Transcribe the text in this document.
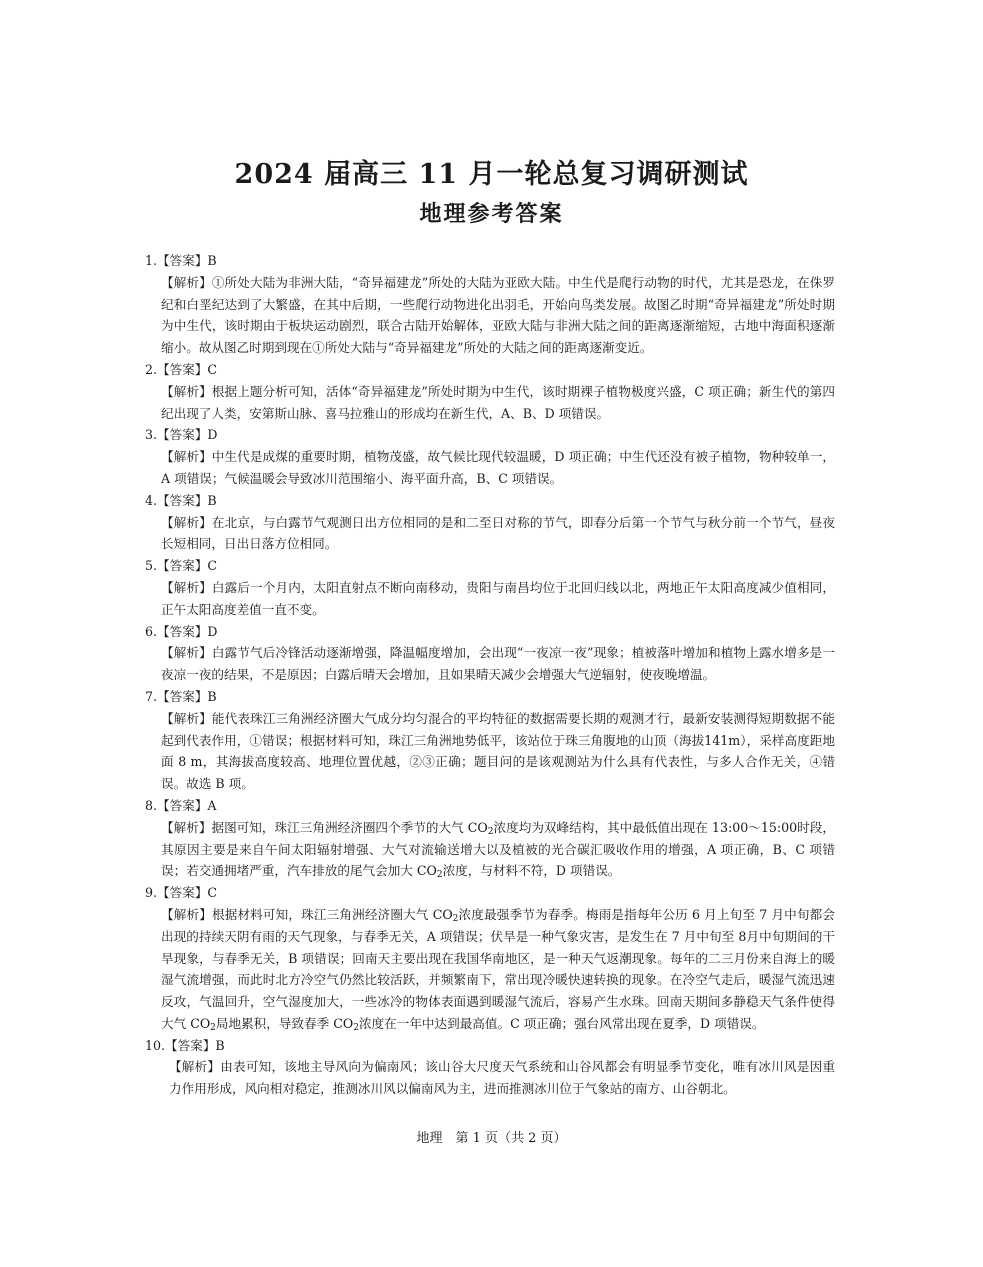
2024 届高三 11 月一轮总复习调研测试
地理参考答案
1.【答案】B
【解析】①所处大陆为非洲大陆，“奇异福建龙”所处的大陆为亚欧大陆。中生代是爬行动物的时代，尤其是恐龙，在侏罗纪和白垩纪达到了大繁盛，在其中后期，一些爬行动物进化出羽毛，开始向鸟类发展。故图乙时期“奇异福建龙”所处时期为中生代，该时期由于板块运动剧烈，联合古陆开始解体，亚欧大陆与非洲大陆之间的距离逐渐缩短，古地中海面积逐渐缩小。故从图乙时期到现在①所处大陆与“奇异福建龙”所处的大陆之间的距离逐渐变近。
2.【答案】C
【解析】根据上题分析可知，活体“奇异福建龙”所处时期为中生代，该时期裸子植物极度兴盛，C 项正确；新生代的第四纪出现了人类，安第斯山脉、喜马拉雅山的形成均在新生代，A、B、D 项错误。
3.【答案】D
【解析】中生代是成煤的重要时期，植物茂盛，故气候比现代较温暖，D 项正确；中生代还没有被子植物，物种较单一，A 项错误；气候温暖会导致冰川范围缩小、海平面升高，B、C 项错误。
4.【答案】B
【解析】在北京，与白露节气观测日出方位相同的是和二至日对称的节气，即春分后第一个节气与秋分前一个节气，昼夜长短相同，日出日落方位相同。
5.【答案】C
【解析】白露后一个月内，太阳直射点不断向南移动，贵阳与南昌均位于北回归线以北，两地正午太阳高度减少值相同，正午太阳高度差值一直不变。
6.【答案】D
【解析】白露节气后冷锋活动逐渐增强，降温幅度增加，会出现“一夜凉一夜”现象；植被落叶增加和植物上露水增多是一夜凉一夜的结果，不是原因；白露后晴天会增加，且如果晴天减少会增强大气逆辐射，使夜晚增温。
7.【答案】B
【解析】能代表珠江三角洲经济圈大气成分均匀混合的平均特征的数据需要长期的观测才行，最新安装测得短期数据不能起到代表作用，①错误；根据材料可知，珠江三角洲地势低平，该站位于珠三角腹地的山顶（海拔141m），采样高度距地面 8 m，其海拔高度较高、地理位置优越，②③正确；题目问的是该观测站为什么具有代表性，与多人合作无关，④错误。故选 B 项。
8.【答案】A
【解析】据图可知，珠江三角洲经济圈四个季节的大气 $CO_2$浓度均为双峰结构，其中最低值出现在 13:00～15:00时段，其原因主要是来自午间太阳辐射增强、大气对流输送增大以及植被的光合碳汇吸收作用的增强，A 项正确，B、C 项错误；若交通拥堵严重，汽车排放的尾气会加大 $CO_2$浓度，与材料不符，D 项错误。
9.【答案】C
【解析】根据材料可知，珠江三角洲经济圈大气 $CO_2$浓度最强季节为春季。梅雨是指每年公历 6 月上旬至 7 月中旬都会出现的持续天阴有雨的天气现象，与春季无关，A 项错误；伏旱是一种气象灾害，是发生在 7 月中旬至 8月中旬期间的干旱现象，与春季无关，B 项错误；回南天主要出现在我国华南地区，是一种天气返潮现象。每年的二三月份来自海上的暖湿气流增强，而此时北方冷空气仍然比较活跃，并频繁南下，常出现冷暖快速转换的现象。在冷空气走后，暖湿气流迅速反攻，气温回升，空气湿度加大，一些冰冷的物体表面遇到暖湿气流后，容易产生水珠。回南天期间多静稳天气条件使得大气 $CO_2$局地累积，导致春季 $CO_2$浓度在一年中达到最高值。C 项正确；强台风常出现在夏季，D 项错误。
10.【答案】B
【解析】由表可知，该地主导风向为偏南风；该山谷大尺度天气系统和山谷风都会有明显季节变化，唯有冰川风是因重力作用形成，风向相对稳定，推测冰川风以偏南风为主，进而推测冰川位于气象站的南方、山谷朝北。
地理　第 1 页（共 2 页）
